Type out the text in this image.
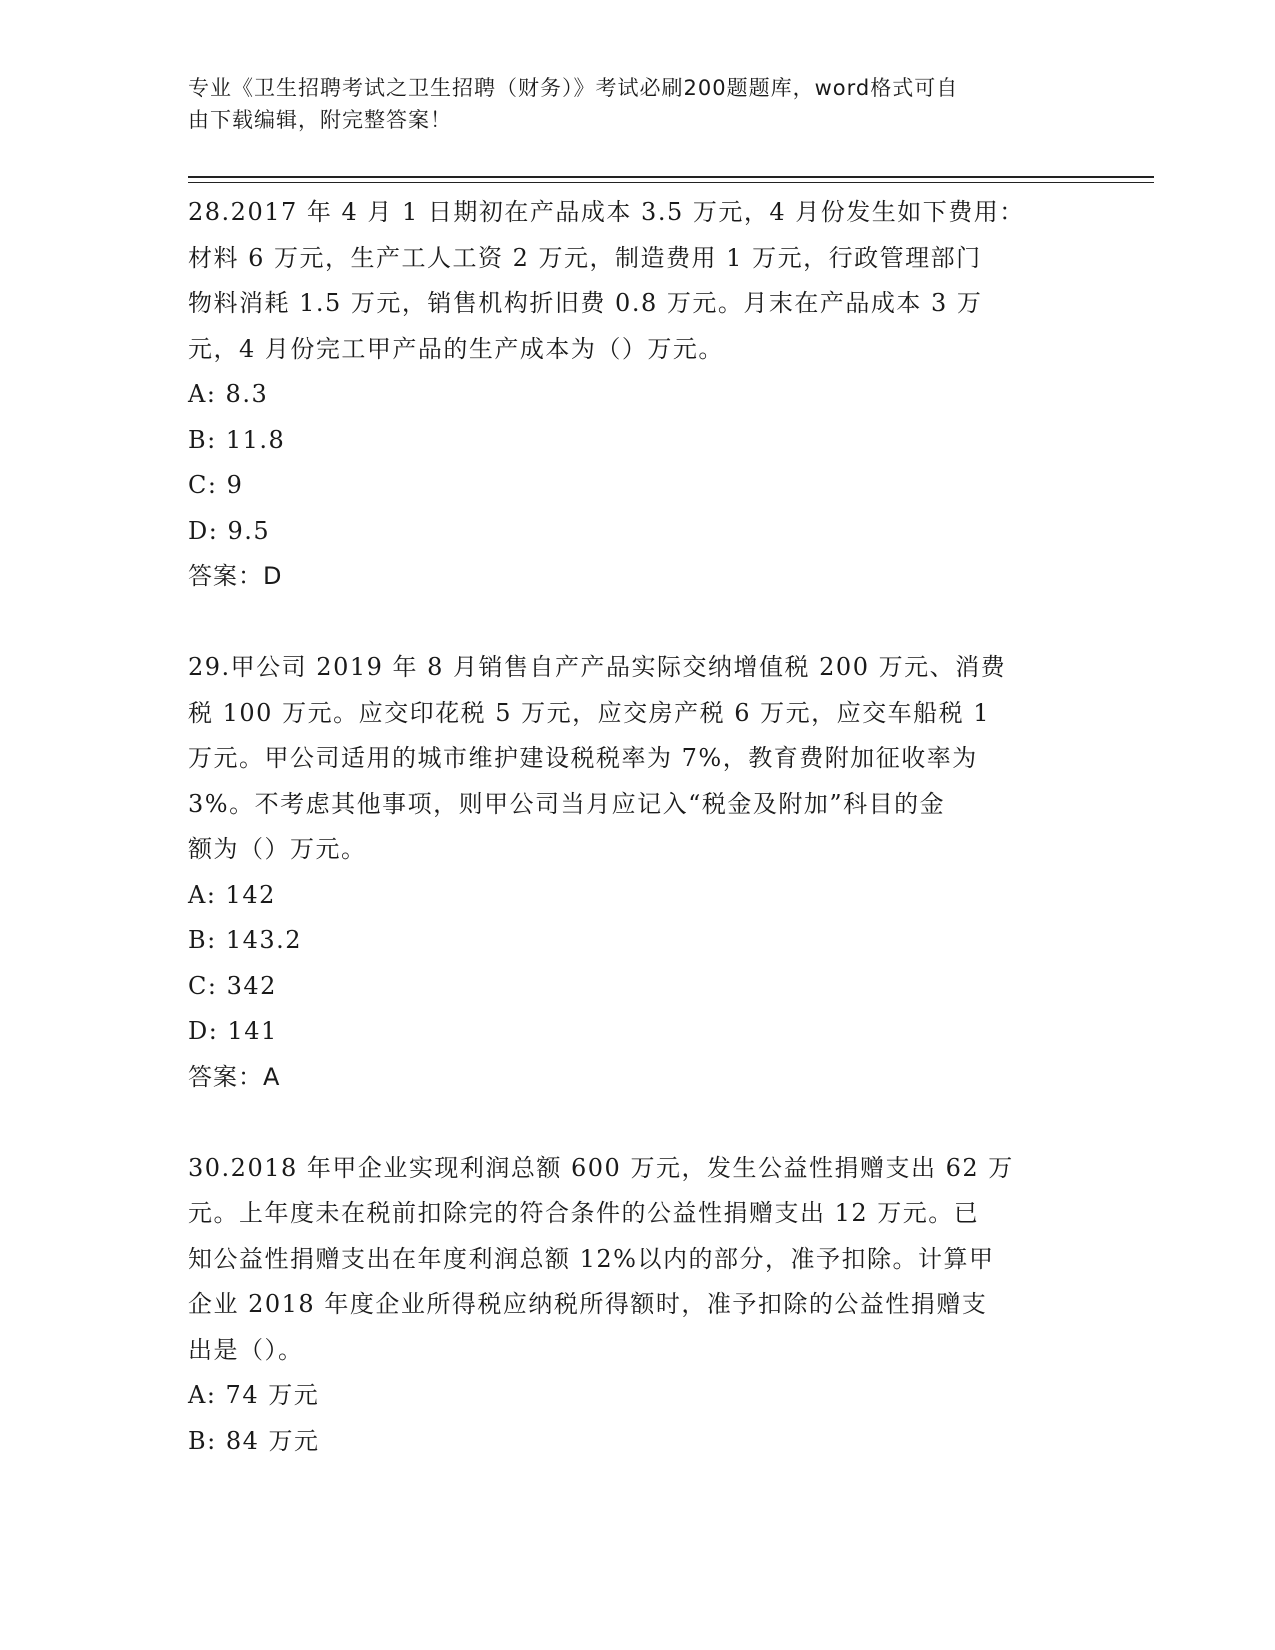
专业《卫生招聘考试之卫生招聘（财务）》考试必刷200题题库，word格式可自
由下载编辑，附完整答案！

28.2017 年 4 月 1 日期初在产品成本 3.5 万元，4 月份发生如下费用：

材料 6 万元，生产工人工资 2 万元，制造费用 1 万元，行政管理部门

物料消耗 1.5 万元，销售机构折旧费 0.8 万元。月末在产品成本 3 万

元，4 月份完工甲产品的生产成本为（）万元。

A: 8.3

B: 11.8

C: 9

D: 9.5

答案：D

29.甲公司 2019 年 8 月销售自产产品实际交纳增值税 200 万元、消费

税 100 万元。应交印花税 5 万元，应交房产税 6 万元，应交车船税 1

万元。甲公司适用的城市维护建设税税率为 7%，教育费附加征收率为

3%。不考虑其他事项，则甲公司当月应记入“税金及附加”科目的金

额为（）万元。

A: 142

B: 143.2

C: 342

D: 141

答案：A

30.2018 年甲企业实现利润总额 600 万元，发生公益性捐赠支出 62 万

元。上年度未在税前扣除完的符合条件的公益性捐赠支出 12 万元。已

知公益性捐赠支出在年度利润总额 12%以内的部分，准予扣除。计算甲

企业 2018 年度企业所得税应纳税所得额时，准予扣除的公益性捐赠支

出是（）。

A: 74 万元

B: 84 万元
